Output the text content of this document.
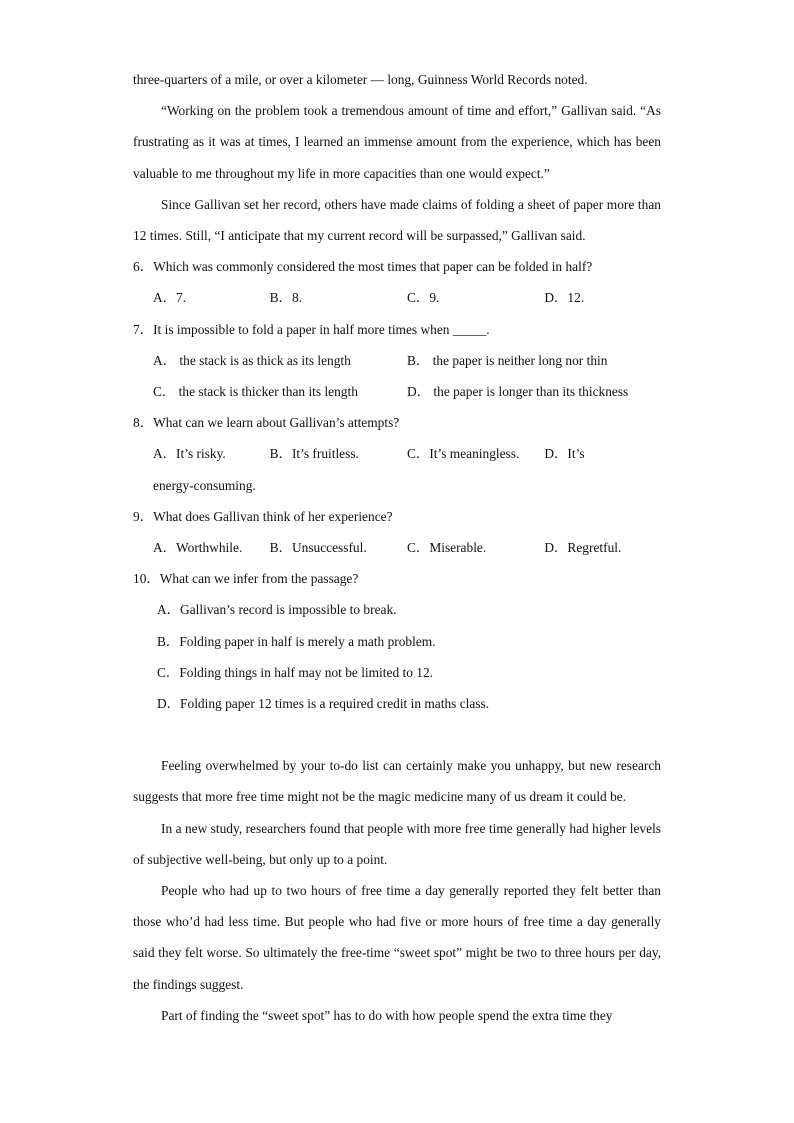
three-quarters of a mile, or over a kilometer — long, Guinness World Records noted.

“Working on the problem took a tremendous amount of time and effort,” Gallivan said. “As frustrating as it was at times, I learned an immense amount from the experience, which has been valuable to me throughout my life in more capacities than one would expect.”

Since Gallivan set her record, others have made claims of folding a sheet of paper more than 12 times. Still, “I anticipate that my current record will be surpassed,” Gallivan said.

6．Which was commonly considered the most times that paper can be folded in half?

A．7.	B．8.	C．9.	D．12.

7．It is impossible to fold a paper in half more times when _____.

A． the stack is as thick as its length	B． the paper is neither long nor thin
C． the stack is thicker than its length	D． the paper is longer than its thickness

8．What can we learn about Gallivan’s attempts?

A．It’s risky.	B．It’s fruitless.	C．It’s meaningless.	D．It’s

energy-consuming.

9．What does Gallivan think of her experience?

A．Worthwhile.	B．Unsuccessful.	C．Miserable.	D．Regretful.

10．What can we infer from the passage?

A．Gallivan’s record is impossible to break.
B．Folding paper in half is merely a math problem.
C．Folding things in half may not be limited to 12.
D．Folding paper 12 times is a required credit in maths class.

Feeling overwhelmed by your to-do list can certainly make you unhappy, but new research suggests that more free time might not be the magic medicine many of us dream it could be.

In a new study, researchers found that people with more free time generally had higher levels of subjective well-being, but only up to a point.

People who had up to two hours of free time a day generally reported they felt better than those who’d had less time. But people who had five or more hours of free time a day generally said they felt worse. So ultimately the free-time “sweet spot” might be two to three hours per day, the findings suggest.

Part of finding the “sweet spot” has to do with how people spend the extra time they
